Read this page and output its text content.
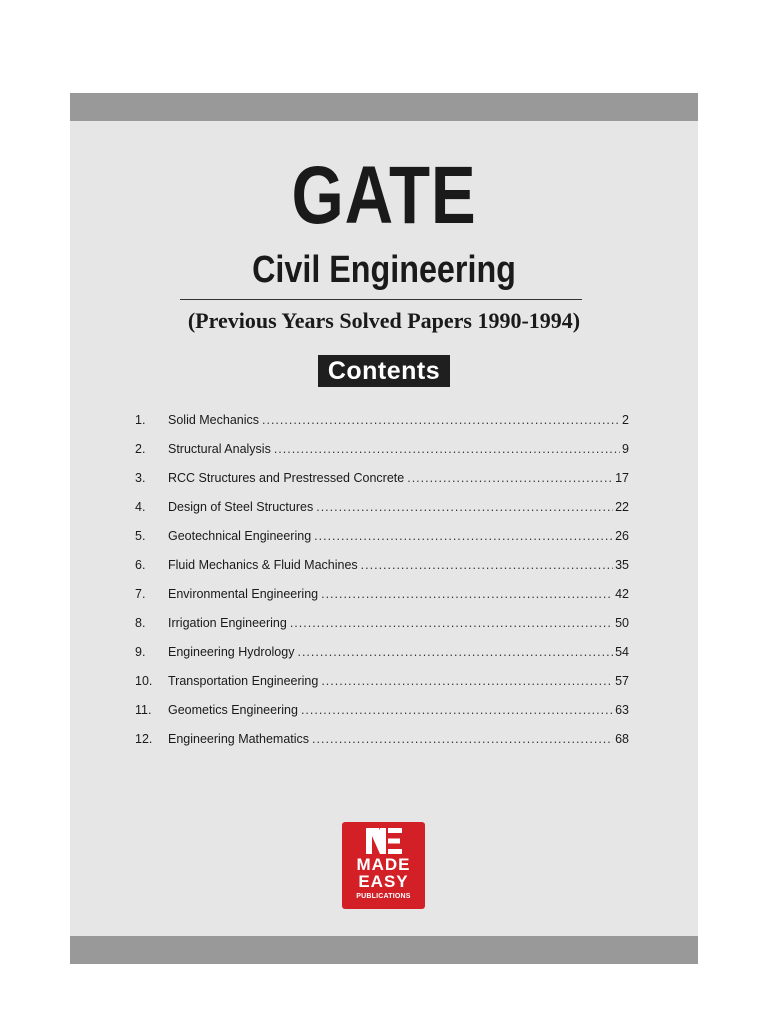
GATE
Civil Engineering
(Previous Years Solved Papers 1990-1994)
Contents
1.	Solid Mechanics .....	2
2.	Structural Analysis .....	9
3.	RCC Structures and Prestressed Concrete .....	17
4.	Design of Steel Structures .....	22
5.	Geotechnical Engineering .....	26
6.	Fluid Mechanics & Fluid Machines .....	35
7.	Environmental Engineering .....	42
8.	Irrigation Engineering .....	50
9.	Engineering Hydrology .....	54
10.	Transportation Engineering .....	57
11.	Geometics Engineering .....	63
12.	Engineering Mathematics .....	68
MADE
EASY
PUBLICATIONS
